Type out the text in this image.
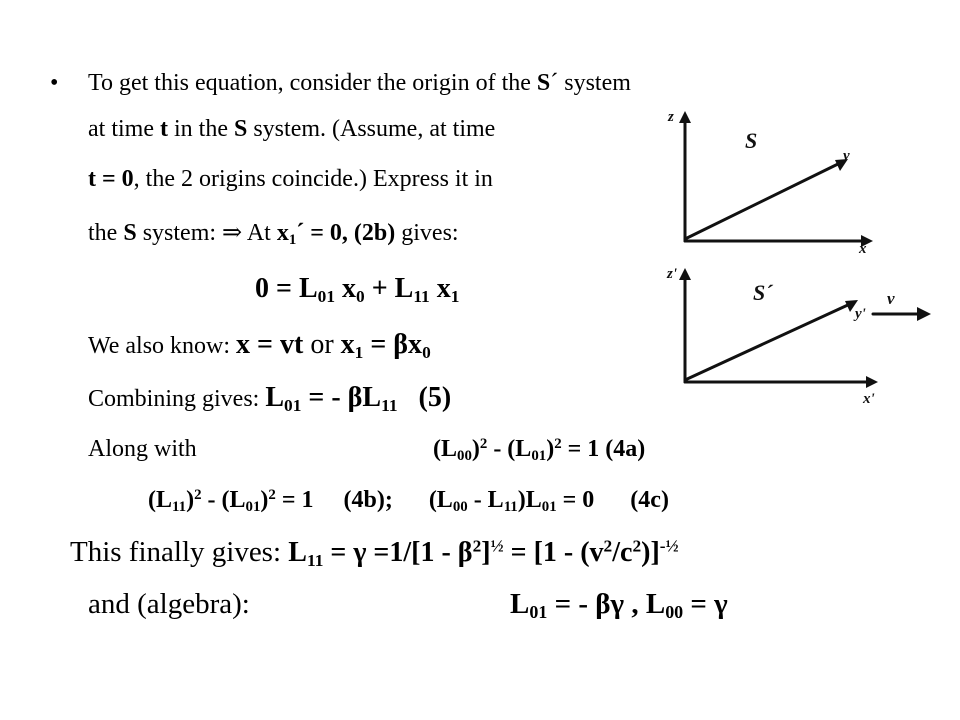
• To get this equation, consider the origin of the S´ system
at time t in the S system. (Assume, at time
t = 0, the 2 origins coincide.) Express it in
the S system: ⇒ At $x_1´ = 0$, (2b) gives:
$0 = L_{01}$ $x_0 + L_{11}$ $x_1$
We also know: x = vt or $x_1 = \beta x_0$
Combining gives: $L_{01}$ = - $\beta L_{11}$   (5)
Along with	$(L_{00})^2 - (L_{01})^2 = 1$ (4a)
$(L_{11})^2 - (L_{01})^2 = 1$     (4b);      $(L_{00} - L_{11})L_{01} = 0$      (4c)
This finally gives: $L_{11} = \gamma =1/[1 - \beta^2]^{\frac{1}{2}} = [1 - (v^2/c^2)]^{-\frac{1}{2}}$
and (algebra):	$L_{01}$ = - βγ , $L_{00} = \gamma$
S
z
y
x
S´
z'
y'
x'
v
